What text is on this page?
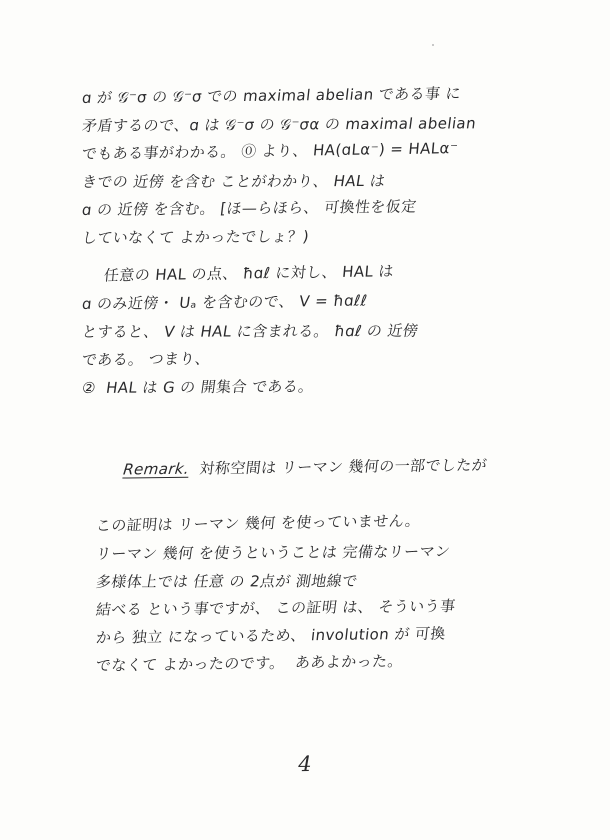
ɑ が 𝒢⁻σ の 𝒢⁻σ での maximal abelian である事 に
矛盾するので、ɑ は 𝒢⁻σ の 𝒢⁻σα の maximal abelian
でもある事がわかる。 ⓪ より、 HA(ɑLα⁻) = HALα⁻
きでの 近傍 を含む ことがわかり、 HAL は
ɑ の 近傍 を含む。 [ほ—らほら、 可換性を仮定
していなくて よかったでしょ？)
任意の HAL の点、 ħɑℓ に対し、 HAL は
ɑ のみ近傍・ Uₐ を含むので、 V = ħɑℓℓ
とすると、 V は HAL に含まれる。 ħɑℓ の 近傍
である。 つまり、
②  HAL は G の 開集合 である。

Remark.  対称空間は リーマン 幾何の一部でしたが

この証明は リーマン 幾何 を使っていません。
リーマン 幾何 を使うということは 完備なリーマン
多様体上では 任意 の 2点が 測地線で
結べる という事ですが、 この証明 は、 そういう事
から 独立 になっているため、 involution が 可換
でなくて よかったのです。  ああよかった。
4
